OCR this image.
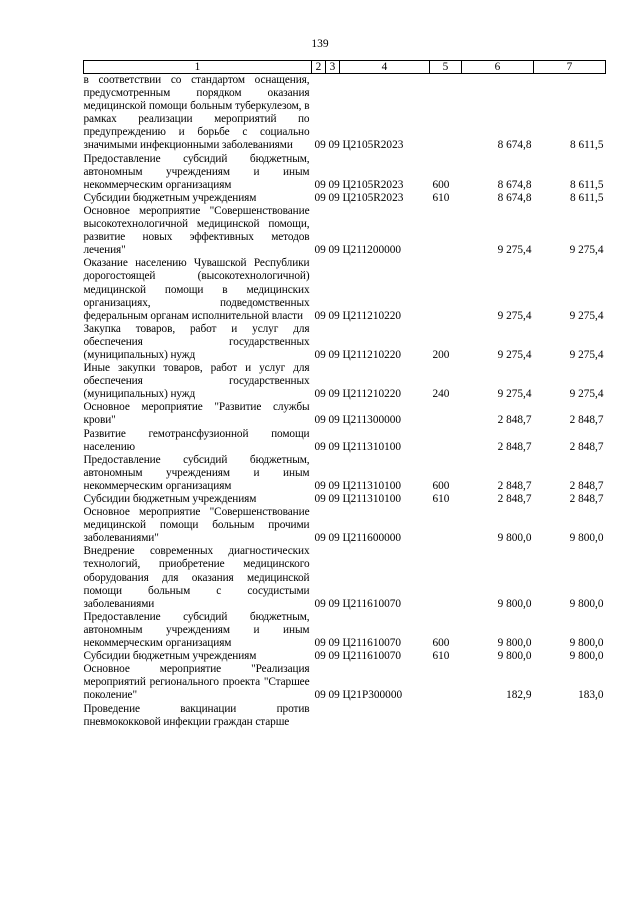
139
1	2	3	4	5	6	7
в соответствии со стандартом оснащения, предусмотренным порядком оказания медицинской помощи больным туберкулезом, в рамках реализации мероприятий по предупреждению и борьбе с социально значимыми инфекционными заболеваниями	09	09	Ц2105R2023		8 674,8	8 611,5
Предоставление субсидий бюджетным, автономным учреждениям и иным некоммерческим организациям	09	09	Ц2105R2023	600	8 674,8	8 611,5
Субсидии бюджетным учреждениям	09	09	Ц2105R2023	610	8 674,8	8 611,5
Основное мероприятие "Совершенствование высокотехнологичной медицинской помощи, развитие новых эффективных методов лечения"	09	09	Ц211200000		9 275,4	9 275,4
Оказание населению Чувашской Республики дорогостоящей (высокотехнологичной) медицинской помощи в медицинских организациях, подведомственных федеральным органам исполнительной власти	09	09	Ц211210220		9 275,4	9 275,4
Закупка товаров, работ и услуг для обеспечения государственных (муниципальных) нужд	09	09	Ц211210220	200	9 275,4	9 275,4
Иные закупки товаров, работ и услуг для обеспечения государственных (муниципальных) нужд	09	09	Ц211210220	240	9 275,4	9 275,4
Основное мероприятие "Развитие службы крови"	09	09	Ц211300000		2 848,7	2 848,7
Развитие гемотрансфузионной помощи населению	09	09	Ц211310100		2 848,7	2 848,7
Предоставление субсидий бюджетным, автономным учреждениям и иным некоммерческим организациям	09	09	Ц211310100	600	2 848,7	2 848,7
Субсидии бюджетным учреждениям	09	09	Ц211310100	610	2 848,7	2 848,7
Основное мероприятие "Совершенствование медицинской помощи больным прочими заболеваниями"	09	09	Ц211600000		9 800,0	9 800,0
Внедрение современных диагностических технологий, приобретение медицинского оборудования для оказания медицинской помощи больным с сосудистыми заболеваниями	09	09	Ц211610070		9 800,0	9 800,0
Предоставление субсидий бюджетным, автономным учреждениям и иным некоммерческим организациям	09	09	Ц211610070	600	9 800,0	9 800,0
Субсидии бюджетным учреждениям	09	09	Ц211610070	610	9 800,0	9 800,0
Основное мероприятие "Реализация мероприятий регионального проекта "Старшее поколение"	09	09	Ц21Р300000		182,9	183,0
Проведение вакцинации против пневмококковой инфекции граждан старше						
